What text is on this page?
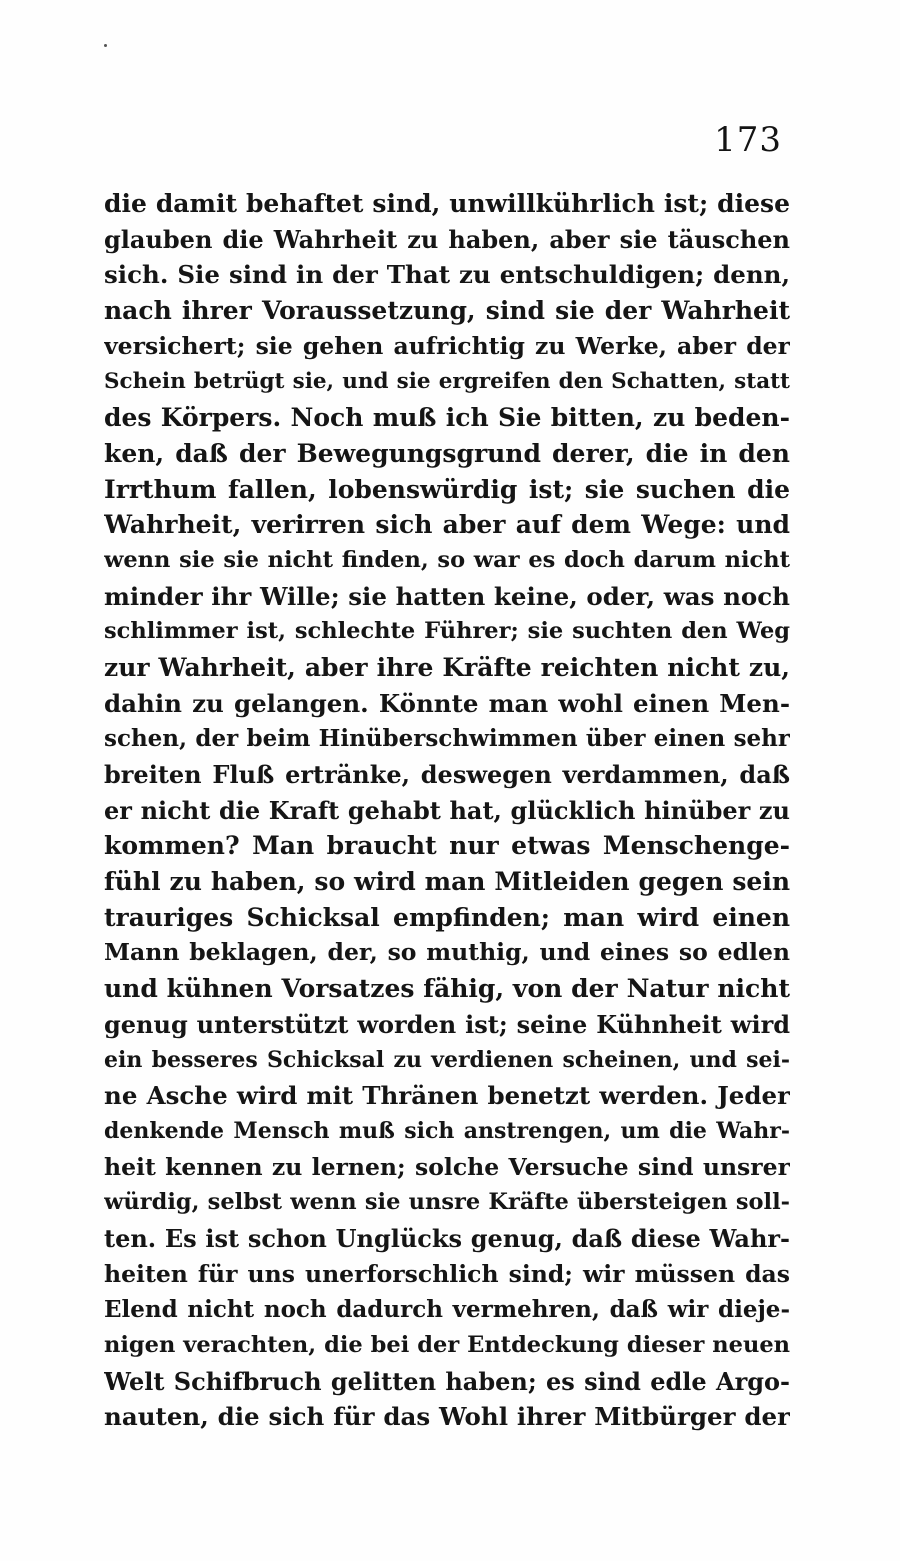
173
die damit behaftet sind, unwillkührlich ist; diese
glauben die Wahrheit zu haben, aber sie täuschen
sich. Sie sind in der That zu entschuldigen; denn,
nach ihrer Voraussetzung, sind sie der Wahrheit
versichert; sie gehen aufrichtig zu Werke, aber der
Schein betrügt sie, und sie ergreifen den Schatten, statt
des Körpers. Noch muß ich Sie bitten, zu beden-
ken, daß der Bewegungsgrund derer, die in den
Irrthum fallen, lobenswürdig ist; sie suchen die
Wahrheit, verirren sich aber auf dem Wege: und
wenn sie sie nicht finden, so war es doch darum nicht
minder ihr Wille; sie hatten keine, oder, was noch
schlimmer ist, schlechte Führer; sie suchten den Weg
zur Wahrheit, aber ihre Kräfte reichten nicht zu,
dahin zu gelangen. Könnte man wohl einen Men-
schen, der beim Hinüberschwimmen über einen sehr
breiten Fluß ertränke, deswegen verdammen, daß
er nicht die Kraft gehabt hat, glücklich hinüber zu
kommen? Man braucht nur etwas Menschenge-
fühl zu haben, so wird man Mitleiden gegen sein
trauriges Schicksal empfinden; man wird einen
Mann beklagen, der, so muthig, und eines so edlen
und kühnen Vorsatzes fähig, von der Natur nicht
genug unterstützt worden ist; seine Kühnheit wird
ein besseres Schicksal zu verdienen scheinen, und sei-
ne Asche wird mit Thränen benetzt werden. Jeder
denkende Mensch muß sich anstrengen, um die Wahr-
heit kennen zu lernen; solche Versuche sind unsrer
würdig, selbst wenn sie unsre Kräfte übersteigen soll-
ten. Es ist schon Unglücks genug, daß diese Wahr-
heiten für uns unerforschlich sind; wir müssen das
Elend nicht noch dadurch vermehren, daß wir dieje-
nigen verachten, die bei der Entdeckung dieser neuen
Welt Schifbruch gelitten haben; es sind edle Argo-
nauten, die sich für das Wohl ihrer Mitbürger der
